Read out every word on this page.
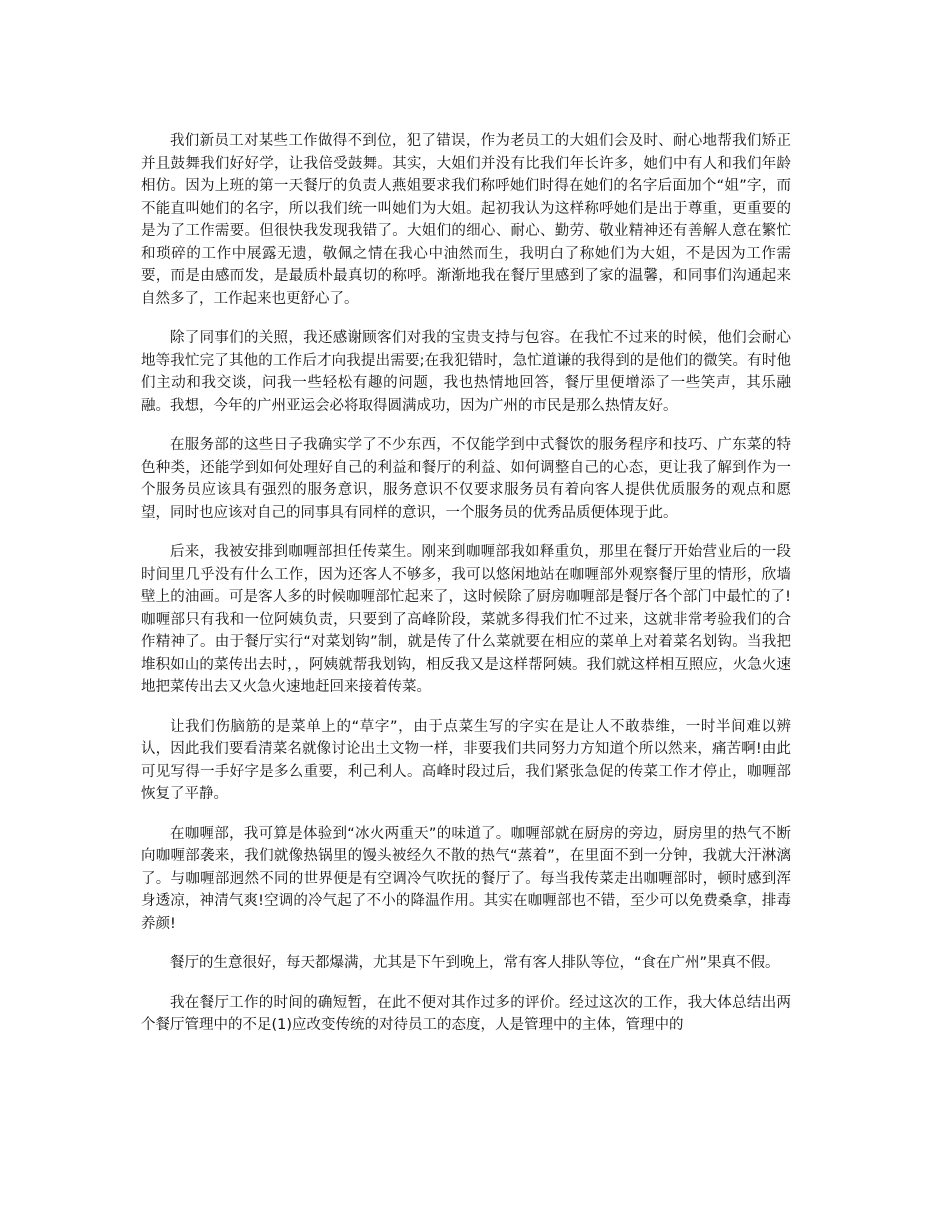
我们新员工对某些工作做得不到位，犯了错误，作为老员工的大姐们会及时、耐心地帮我们矫正并且鼓舞我们好好学，让我倍受鼓舞。其实，大姐们并没有比我们年长许多，她们中有人和我们年龄相仿。因为上班的第一天餐厅的负责人燕姐要求我们称呼她们时得在她们的名字后面加个“姐”字，而不能直叫她们的名字，所以我们统一叫她们为大姐。起初我认为这样称呼她们是出于尊重，更重要的是为了工作需要。但很快我发现我错了。大姐们的细心、耐心、勤劳、敬业精神还有善解人意在繁忙和琐碎的工作中展露无遗，敬佩之情在我心中油然而生，我明白了称她们为大姐，不是因为工作需要，而是由感而发，是最质朴最真切的称呼。渐渐地我在餐厅里感到了家的温馨，和同事们沟通起来自然多了，工作起来也更舒心了。

除了同事们的关照，我还感谢顾客们对我的宝贵支持与包容。在我忙不过来的时候，他们会耐心地等我忙完了其他的工作后才向我提出需要;在我犯错时，急忙道谦的我得到的是他们的微笑。有时他们主动和我交谈，问我一些轻松有趣的问题，我也热情地回答，餐厅里便增添了一些笑声，其乐融融。我想，今年的广州亚运会必将取得圆满成功，因为广州的市民是那么热情友好。

在服务部的这些日子我确实学了不少东西，不仅能学到中式餐饮的服务程序和技巧、广东菜的特色种类，还能学到如何处理好自己的利益和餐厅的利益、如何调整自己的心态，更让我了解到作为一个服务员应该具有强烈的服务意识，服务意识不仅要求服务员有着向客人提供优质服务的观点和愿望，同时也应该对自己的同事具有同样的意识，一个服务员的优秀品质便体现于此。

后来，我被安排到咖喱部担任传菜生。刚来到咖喱部我如释重负，那里在餐厅开始营业后的一段时间里几乎没有什么工作，因为还客人不够多，我可以悠闲地站在咖喱部外观察餐厅里的情形，欣墙壁上的油画。可是客人多的时候咖喱部忙起来了，这时候除了厨房咖喱部是餐厅各个部门中最忙的了!咖喱部只有我和一位阿姨负责，只要到了高峰阶段，菜就多得我们忙不过来，这就非常考验我们的合作精神了。由于餐厅实行“对菜划钩”制，就是传了什么菜就要在相应的菜单上对着菜名划钩。当我把堆积如山的菜传出去时，，阿姨就帮我划钩，相反我又是这样帮阿姨。我们就这样相互照应，火急火速地把菜传出去又火急火速地赶回来接着传菜。

让我们伤脑筋的是菜单上的“草字”，由于点菜生写的字实在是让人不敢恭维，一时半间难以辨认，因此我们要看清菜名就像讨论出土文物一样，非要我们共同努力方知道个所以然来，痛苦啊!由此可见写得一手好字是多么重要，利己利人。高峰时段过后，我们紧张急促的传菜工作才停止，咖喱部恢复了平静。

在咖喱部，我可算是体验到“冰火两重天”的味道了。咖喱部就在厨房的旁边，厨房里的热气不断向咖喱部袭来，我们就像热锅里的馒头被经久不散的热气“蒸着”，在里面不到一分钟，我就大汗淋漓了。与咖喱部迥然不同的世界便是有空调冷气吹抚的餐厅了。每当我传菜走出咖喱部时，顿时感到浑身透凉，神清气爽!空调的冷气起了不小的降温作用。其实在咖喱部也不错，至少可以免费桑拿，排毒养颜!

餐厅的生意很好，每天都爆满，尤其是下午到晚上，常有客人排队等位，“食在广州”果真不假。

我在餐厅工作的时间的确短暂，在此不便对其作过多的评价。经过这次的工作，我大体总结出两个餐厅管理中的不足(1)应改变传统的对待员工的态度，人是管理中的主体，管理中的
